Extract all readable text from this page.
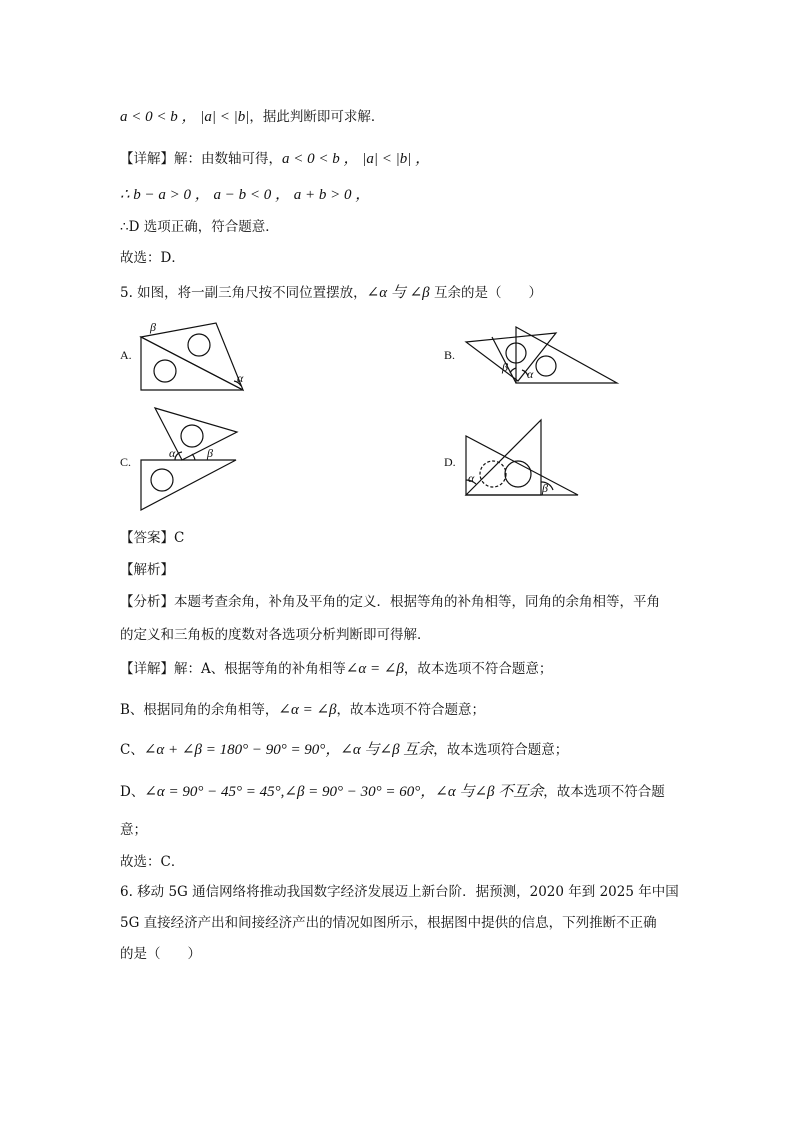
a < 0 < b ， |a| < |b|，据此判断即可求解．
【详解】解：由数轴可得，a < 0 < b ， |a| < |b| ，
∴ b − a > 0 ， a − b < 0 ， a + b > 0 ，
∴D 选项正确，符合题意．
故选：D．
5. 如图，将一副三角尺按不同位置摆放，∠α 与 ∠β 互余的是（　　）
A.	B.
C.	D.
β
α
β α
α	β
α
β
【答案】C
【解析】
【分析】本题考查余角，补角及平角的定义．根据等角的补角相等，同角的余角相等，平角
的定义和三角板的度数对各选项分析判断即可得解．
【详解】解：A、根据等角的补角相等∠α = ∠β，故本选项不符合题意；
B、根据同角的余角相等，∠α = ∠β，故本选项不符合题意；
C、∠α + ∠β = 180° − 90° = 90°，∠α 与∠β 互余，故本选项符合题意；
D、∠α = 90° − 45° = 45°,∠β = 90° − 30° = 60°，∠α 与∠β 不互余，故本选项不符合题
意；
故选：C．
6. 移动 5G 通信网络将推动我国数字经济发展迈上新台阶．据预测，2020 年到 2025 年中国
5G 直接经济产出和间接经济产出的情况如图所示，根据图中提供的信息，下列推断不正确
的是（　　）
